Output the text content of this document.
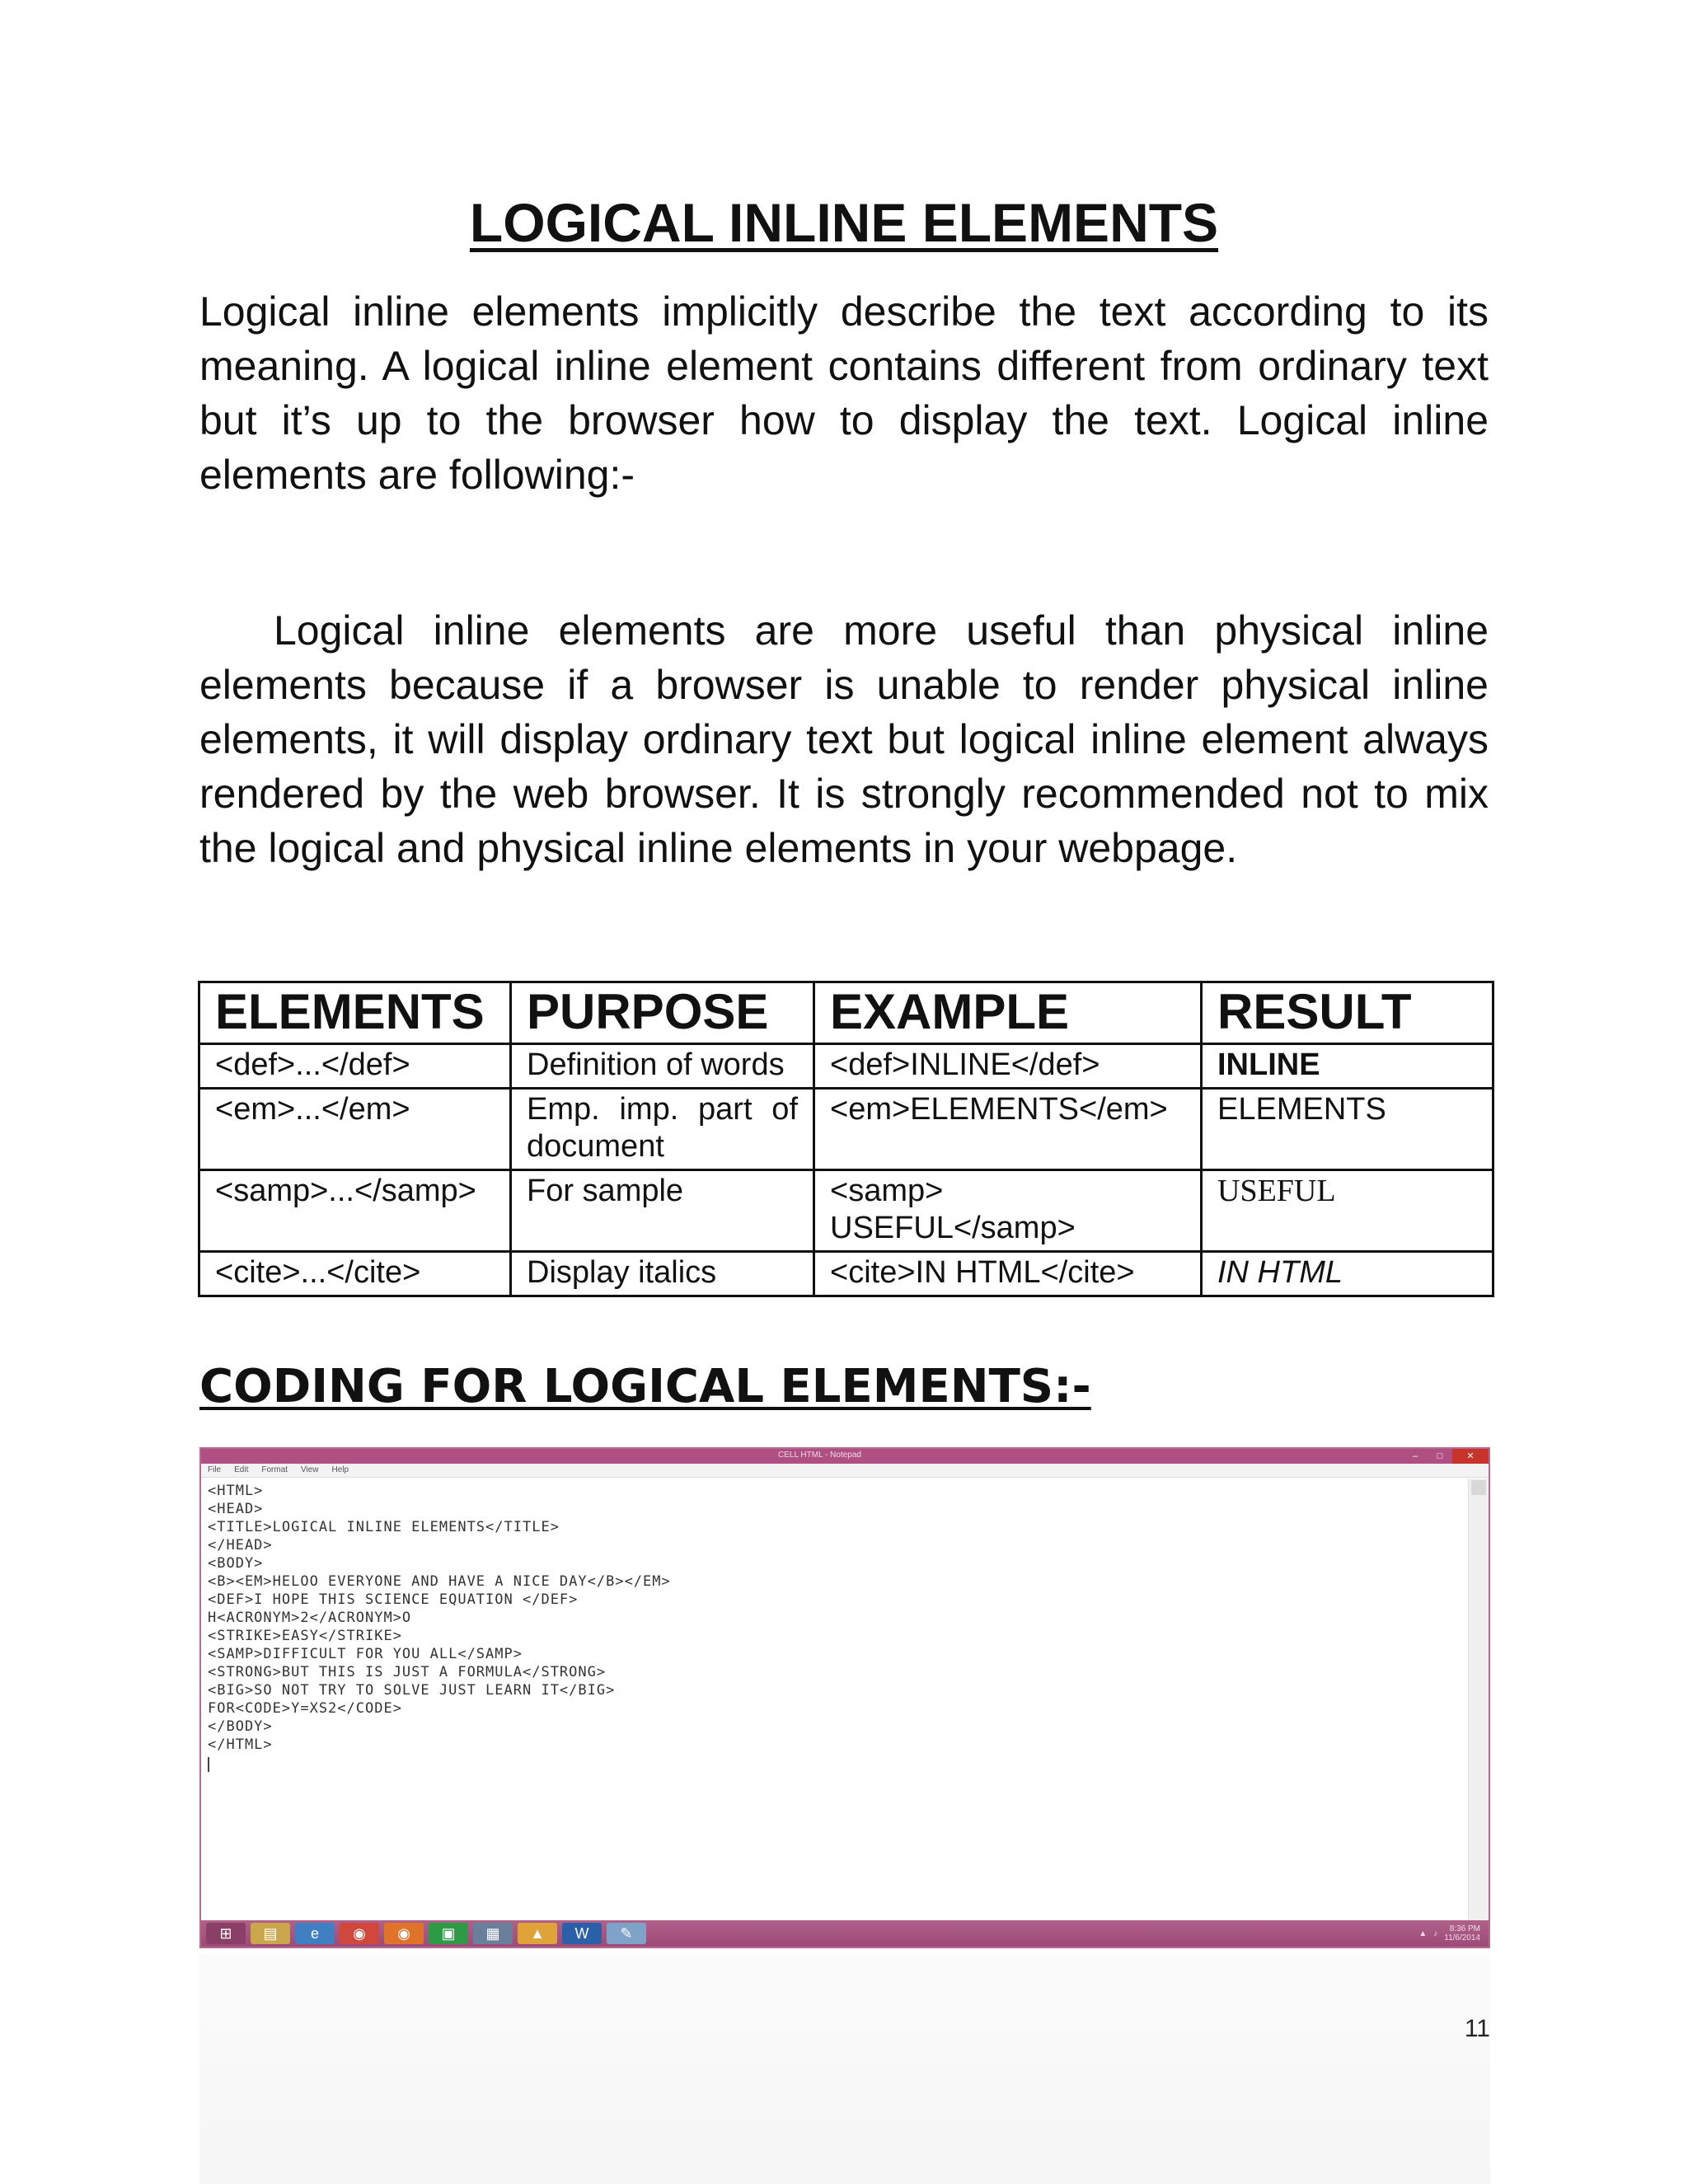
LOGICAL INLINE ELEMENTS

Logical inline elements implicitly describe the text according to its meaning. A logical inline element contains different from ordinary text but it’s up to the browser how to display the text. Logical inline elements are following:-

Logical inline elements are more useful than physical inline elements because if a browser is unable to render physical inline elements, it will display ordinary text but logical inline element always rendered by the web browser. It is strongly recommended not to mix the logical and physical inline elements in your webpage.

ELEMENTS	PURPOSE	EXAMPLE	RESULT
<def>...</def>	Definition of words	<def>INLINE</def>	INLINE
<em>...</em>	Emp. imp. part of document	<em>ELEMENTS</em>	ELEMENTS
<samp>...</samp>	For sample	<samp> USEFUL</samp>	USEFUL
<cite>...</cite>	Display italics	<cite>IN HTML</cite>	IN HTML
CODING FOR LOGICAL ELEMENTS:-
CELL HTML - Notepad	–	□	✕
File Edit Format View Help
<HTML>
<HEAD>
<TITLE>LOGICAL INLINE ELEMENTS</TITLE>
</HEAD>
<BODY>
<B><EM>HELOO EVERYONE AND HAVE A NICE DAY</B></EM>
<DEF>I HOPE THIS SCIENCE EQUATION </DEF>
H<ACRONYM>2</ACRONYM>O
<STRIKE>EASY</STRIKE>
<SAMP>DIFFICULT FOR YOU ALL</SAMP>
<STRONG>BUT THIS IS JUST A FORMULA</STRONG>
<BIG>SO NOT TRY TO SOLVE JUST LEARN IT</BIG>
FOR<CODE>Y=XS2</CODE>
</BODY>
</HTML>
⊞	▤	e	◉	◉	▣	▦	▲	W	✎	▲ ♪	8:36 PM
11/6/2014

11
